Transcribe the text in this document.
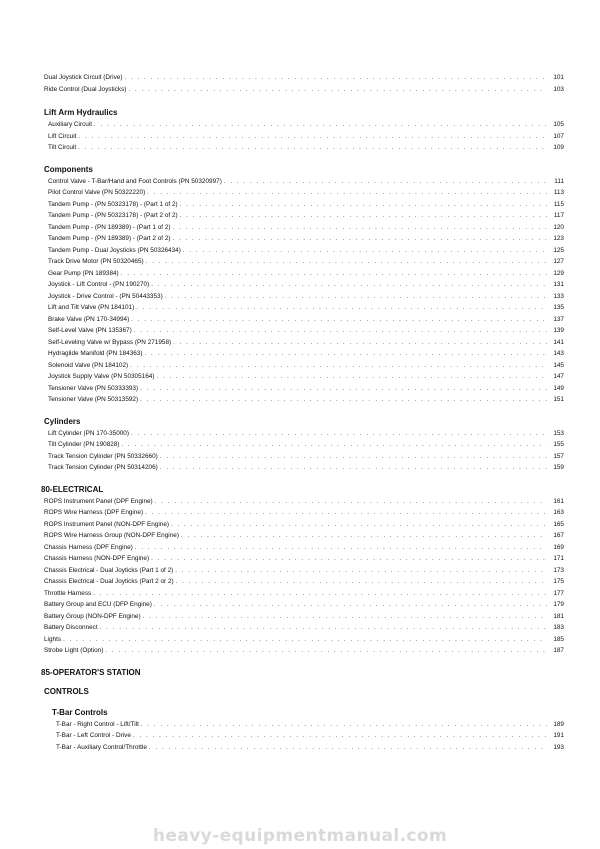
Dual Joystick Circuit (Drive) . . .	101
Ride Control (Dual Joysticks) . . .	103
Lift Arm Hydraulics
Auxiliary Circuit . . .	105
Lift Circuit . . .	107
Tilt Circuit . . .	109
Components
Control Valve - T-Bar/Hand and Foot Controls (PN 50320997) . . .	111
Pilot Control Valve (PN 50322220) . . .	113
Tandem Pump - (PN 50323178) - (Part 1 of 2) . . .	115
Tandem Pump - (PN 50323178) - (Part 2 of 2) . . .	117
Tandem Pump - (PN 189389) - (Part 1 of 2) . . .	120
Tandem Pump - (PN 189389) - (Part 2 of 2) . . .	123
Tandem Pump - Dual Joysticks (PN 50326434) . . .	125
Track Drive Motor (PN 50320465) . . .	127
Gear Pump (PN 189384) . . .	129
Joystick - Lift Control - (PN 190270) . . .	131
Joystick - Drive Control - (PN 50443353) . . .	133
Lift and Tilt Valve (PN 184101) . . .	135
Brake Valve (PN 170-34994) . . .	137
Self-Level Valve (PN 135367) . . .	139
Self-Leveling Valve w/ Bypass (PN 271958) . . .	141
Hydraglide Manifold (PN 184363) . . .	143
Solenoid Valve (PN 184102) . . .	145
Joystick Supply Valve (PN 50305164) . . .	147
Tensioner Valve (PN 50333393) . . .	149
Tensioner Valve (PN 50313592) . . .	151
Cylinders
Lift Cylinder (PN 170-35000) . . .	153
Tilt Cylinder (PN 190828) . . .	155
Track Tension Cylinder (PN 50332660) . . .	157
Track Tension Cylinder (PN 50314206) . . .	159
80-ELECTRICAL
ROPS Instrument Panel (DPF Engine) . . .	161
ROPS Wire Harness (DPF Engine) . . .	163
ROPS Instrument Panel (NON-DPF Engine) . . .	165
ROPS Wire Harness Group (NON-DPF Engine) . . .	167
Chassis Harness (DPF Engine) . . .	169
Chassis Harness (NON-DPF Engine) . . .	171
Chassis Electrical - Dual Joyticks (Part 1 of 2) . . .	173
Chassis Electrical - Dual Joyticks (Part 2 or 2) . . .	175
Throttle Harness . . .	177
Battery Group and ECU (DFP Engine) . . .	179
Battery Group (NON-DPF Engine) . . .	181
Battery Disconnect . . .	183
Lights . . .	185
Strobe Light (Option) . . .	187
85-OPERATOR'S STATION
CONTROLS
T-Bar Controls
T-Bar - Right Control - Lift/Tilt . . .	189
T-Bar - Left Control - Drive . . .	191
T-Bar - Auxiliary Control/Throttle . . .	193
heavy-equipmentmanual.com
